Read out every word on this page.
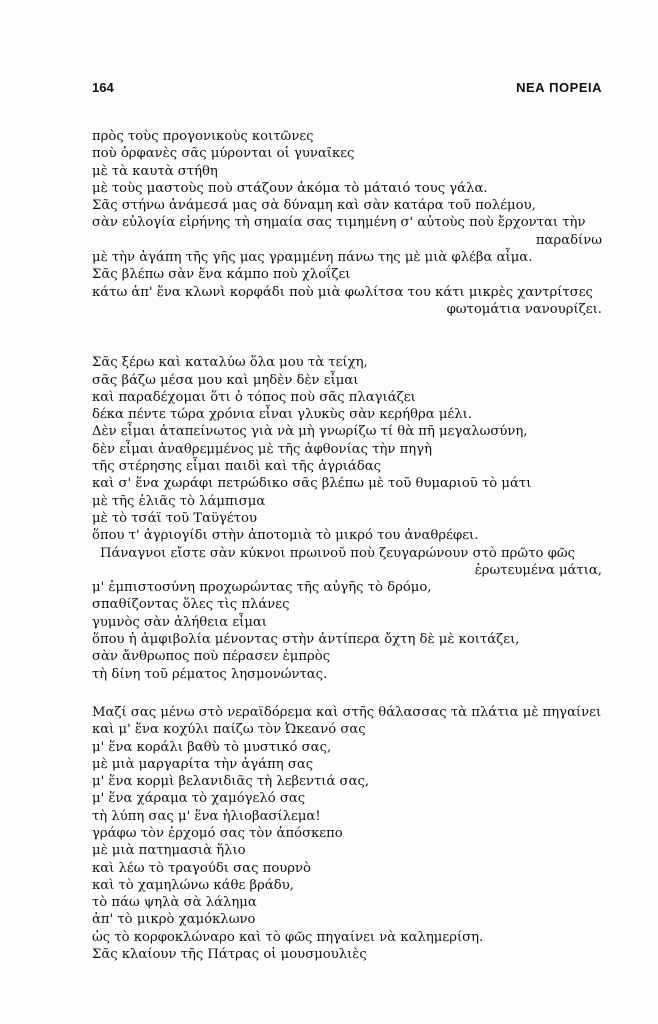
164	ΝΕΑ ΠΟΡΕΙΑ
πρὸς τοὺς προγονικοὺς κοιτῶνες
ποὺ ὀρφανὲς σᾶς μύρονται οἱ γυναῖκες
μὲ τὰ καυτὰ στήθη
μὲ τοὺς μαστοὺς ποὺ στάζουν ἀκόμα τὸ μάταιό τους γάλα.
Σᾶς στήνω ἀνάμεσά μας σὰ δύναμη καὶ σὰν κατάρα τοῦ πολέμου,
σὰν εὐλογία εἰρήνης τὴ σημαία σας τιμημένη σ' αὐτοὺς ποὺ ἔρχονται τὴν
παραδίνω
μὲ τὴν ἀγάπη τῆς γῆς μας γραμμένη πάνω της μὲ μιὰ φλέβα αἷμα.
Σᾶς βλέπω σὰν ἕνα κάμπο ποὺ χλοΐζει
κάτω ἀπ' ἕνα κλωνὶ κορφάδι ποὺ μιὰ φωλίτσα του κάτι μικρὲς χαντρίτσες
φωτομάτια νανουρίζει.
Σᾶς ξέρω καὶ καταλύω ὅλα μου τὰ τείχη,
σᾶς βάζω μέσα μου καὶ μηδὲν δὲν εἶμαι
καὶ παραδέχομαι ὅτι ὁ τόπος ποὺ σᾶς πλαγιάζει
δέκα πέντε τώρα χρόνια εἶναι γλυκὺς σὰν κερήθρα μέλι.
Δὲν εἶμαι ἀταπείνωτος γιὰ νὰ μὴ γνωρίζω τί θὰ πῆ μεγαλωσύνη,
δὲν εἶμαι ἀναθρεμμένος μὲ τῆς ἀφθονίας τὴν πηγὴ
τῆς στέρησης εἶμαι παιδὶ καὶ τῆς ἀγριάδας
καὶ σ' ἕνα χωράφι πετρώδικο σᾶς βλέπω μὲ τοῦ θυμαριοῦ τὸ μάτι
μὲ τῆς ἐλιᾶς τὸ λάμπισμα
μὲ τὸ τσάϊ τοῦ Ταϋγέτου
ὅπου τ' ἀγριογίδι στὴν ἀποτομιὰ τὸ μικρό του ἀναθρέφει.
Πάναγνοι εἴστε σὰν κύκνοι πρωινοῦ ποὺ ζευγαρώνουν στὸ πρῶτο φῶς
ἐρωτευμένα μάτια,
μ' ἐμπιστοσύνη προχωρώντας τῆς αὐγῆς τὸ δρόμο,
σπαθίζοντας ὅλες τὶς πλάνες
γυμνὸς σὰν ἀλήθεια εἶμαι
ὅπου ἡ ἀμφιβολία μένοντας στὴν ἀντίπερα ὄχτη δὲ μὲ κοιτάζει,
σὰν ἄνθρωπος ποὺ πέρασεν ἐμπρὸς
τὴ δίνη τοῦ ρέματος λησμονώντας.
Μαζί σας μένω στὸ νεραϊδόρεμα καὶ στῆς θάλασσας τὰ πλάτια μὲ πηγαίνει
καὶ μ' ἕνα κοχύλι παίζω τὸν Ὠκεανό σας
μ' ἕνα κοράλι βαθὺ τὸ μυστικό σας,
μὲ μιὰ μαργαρίτα τὴν ἀγάπη σας
μ' ἕνα κορμὶ βελανιδιᾶς τὴ λεβεντιά σας,
μ' ἕνα χάραμα τὸ χαμόγελό σας
τὴ λύπη σας μ' ἕνα ἡλιοβασίλεμα!
γράφω τὸν ἐρχομό σας τὸν ἀπόσκεπο
μὲ μιὰ πατημασιὰ ἥλιο
καὶ λέω τὸ τραγούδι σας πουρνὸ
καὶ τὸ χαμηλώνω κάθε βράδυ,
τὸ πάω ψηλὰ σὰ λάλημα
ἀπ' τὸ μικρὸ χαμόκλωνο
ὡς τὸ κορφοκλώναρο καὶ τὸ φῶς πηγαίνει νὰ καλημερίση.
Σᾶς κλαίουν τῆς Πάτρας οἱ μουσμουλιὲς
